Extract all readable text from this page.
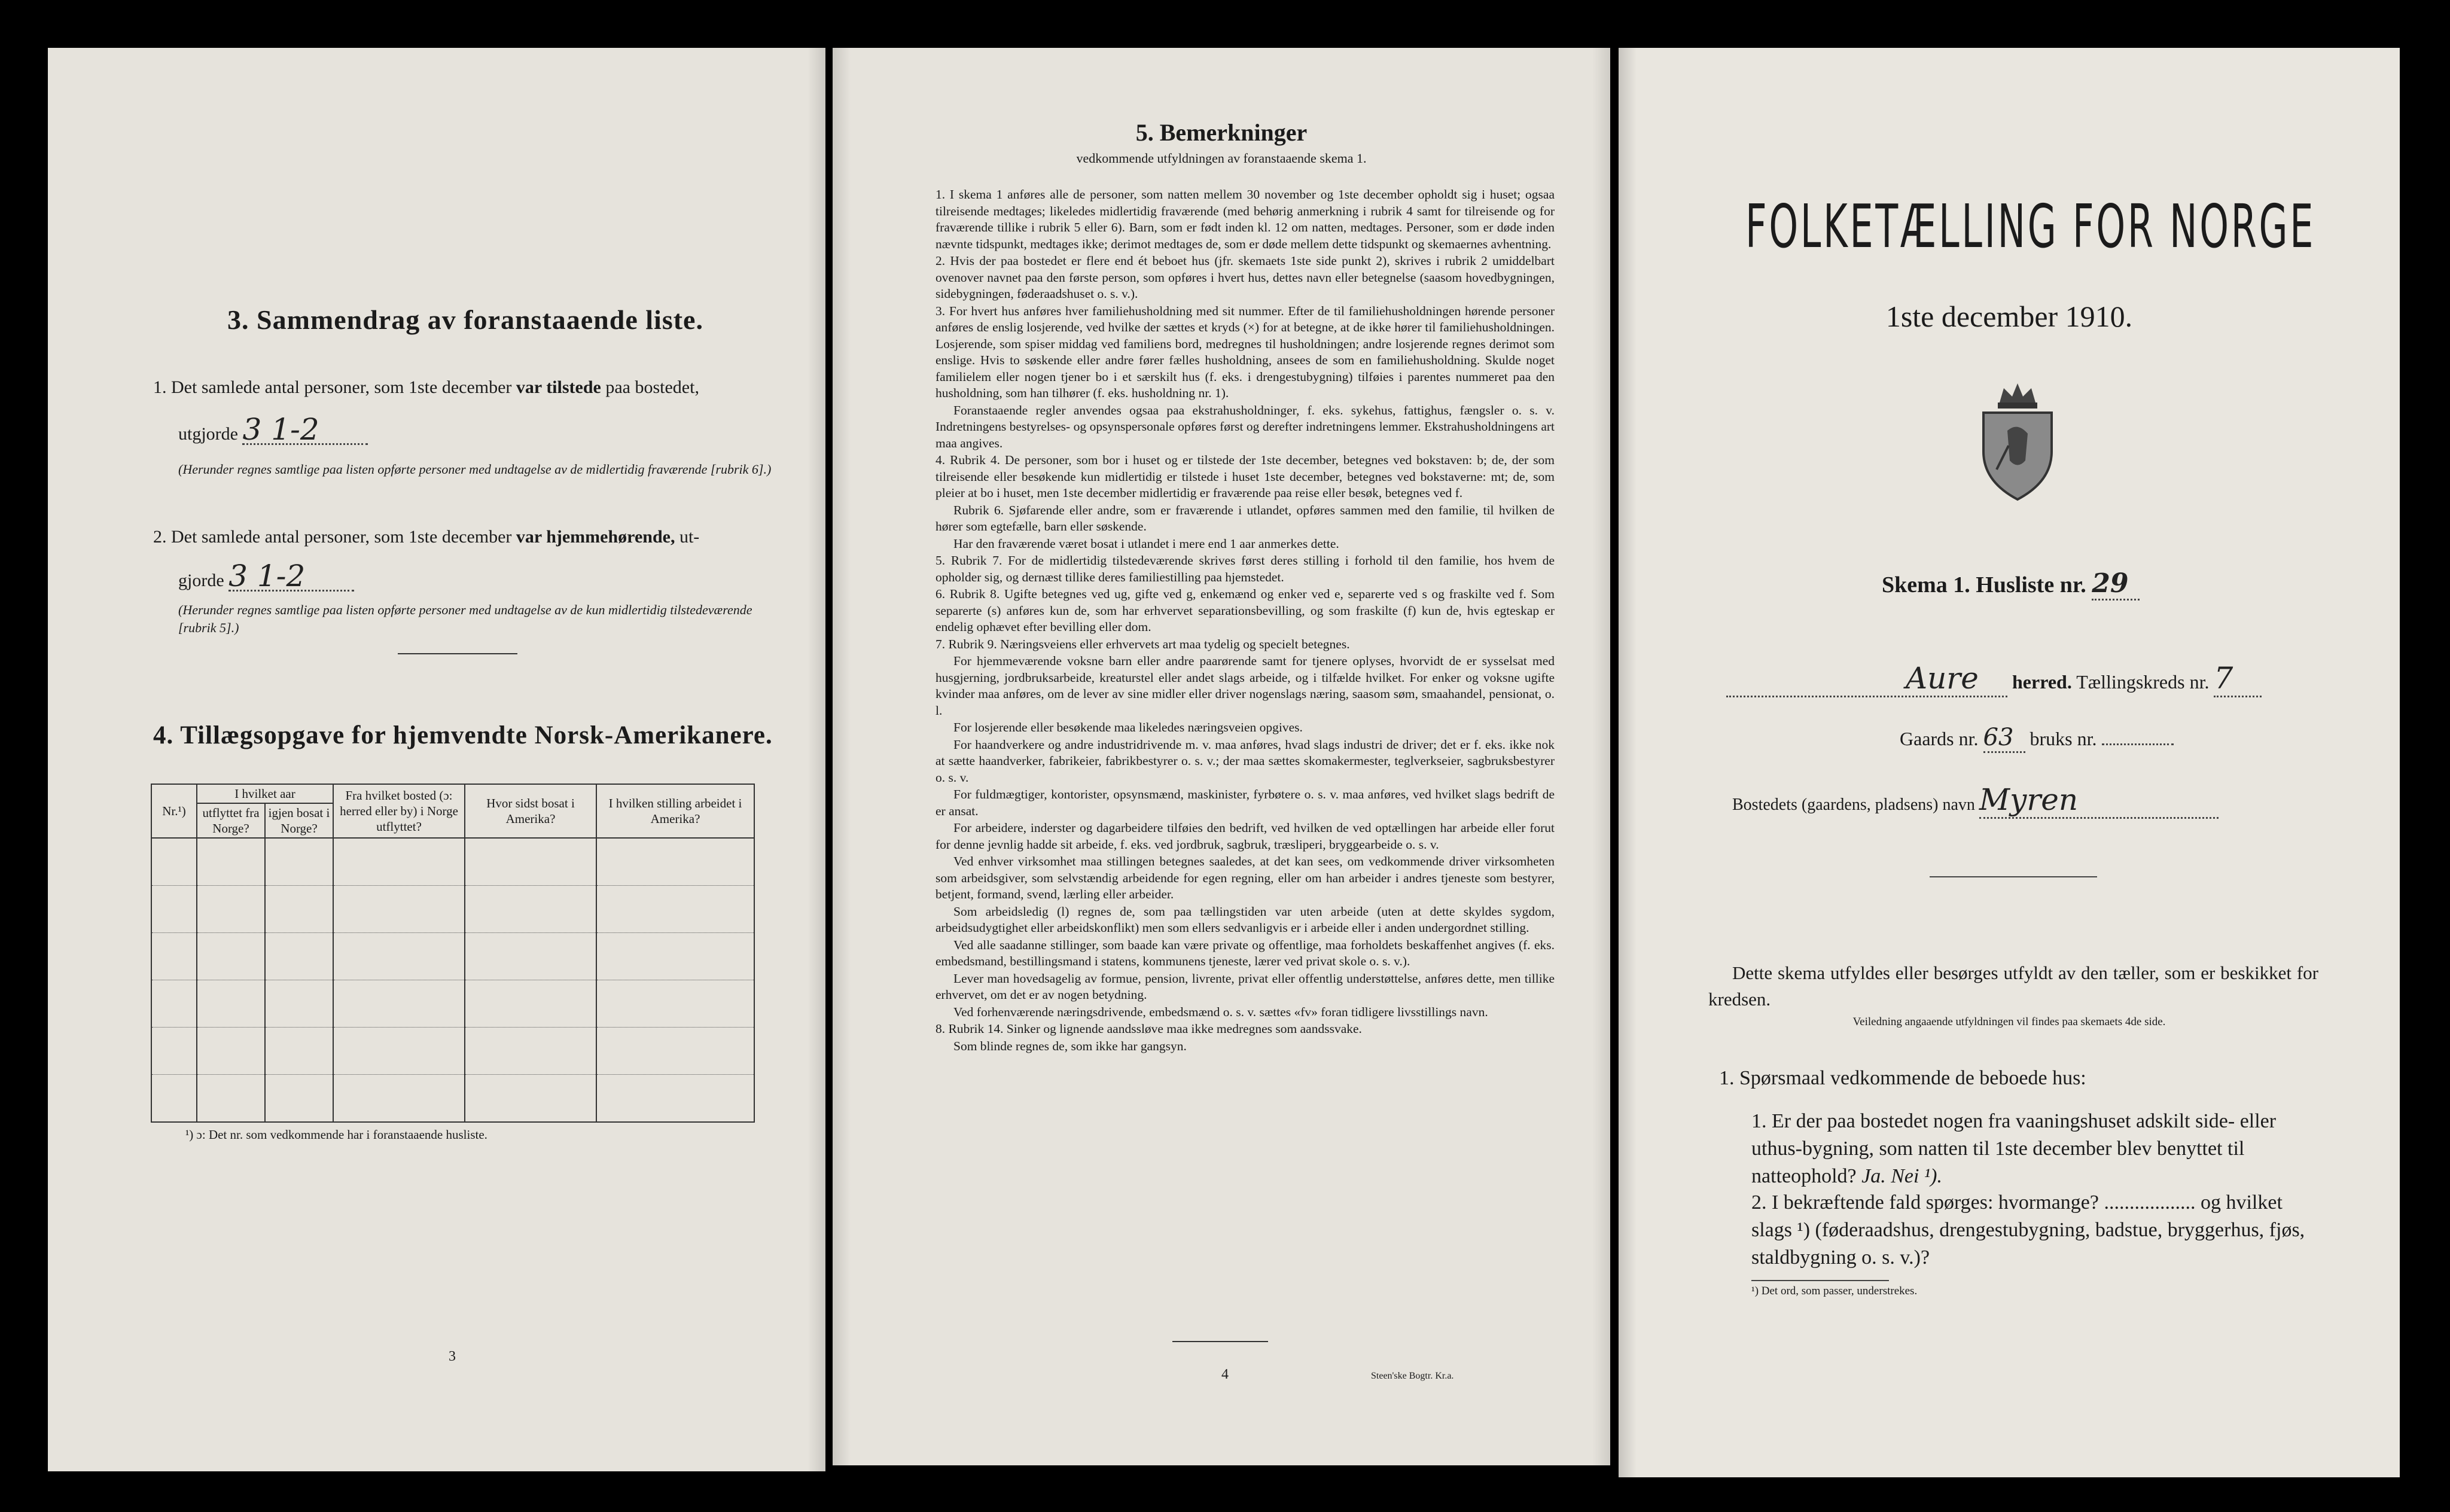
3. Sammendrag av foranstaaende liste.
1. Det samlede antal personer, som 1ste december var tilstede paa bostedet,
utgjorde 3 1-2
(Herunder regnes samtlige paa listen opførte personer med undtagelse av de midlertidig fraværende [rubrik 6].)
2. Det samlede antal personer, som 1ste december var hjemmehørende, ut-
gjorde 3 1-2
(Herunder regnes samtlige paa listen opførte personer med undtagelse av de kun midlertidig tilstedeværende [rubrik 5].)
4. Tillægsopgave for hjemvendte Norsk-Amerikanere.
Nr.¹)	I hvilket aar		Fra hvilket bosted (ɔ: herred eller by) i Norge utflyttet?	Hvor sidst bosat i Amerika?	I hvilken stilling arbeidet i Amerika?
	utflyttet fra Norge?	igjen bosat i Norge?			

¹) ɔ: Det nr. som vedkommende har i foranstaaende husliste.
3
5. Bemerkninger
vedkommende utfyldningen av foranstaaende skema 1.

1. I skema 1 anføres alle de personer, som natten mellem 30 november og 1ste december opholdt sig i huset; ogsaa tilreisende medtages; likeledes midlertidig fraværende (med behørig anmerkning i rubrik 4 samt for tilreisende og for fraværende tillike i rubrik 5 eller 6). Barn, som er født inden kl. 12 om natten, medtages. Personer, som er døde inden nævnte tidspunkt, medtages ikke; derimot medtages de, som er døde mellem dette tidspunkt og skemaernes avhentning.

2. Hvis der paa bostedet er flere end ét beboet hus (jfr. skemaets 1ste side punkt 2), skrives i rubrik 2 umiddelbart ovenover navnet paa den første person, som opføres i hvert hus, dettes navn eller betegnelse (saasom hovedbygningen, sidebygningen, føderaadshuset o. s. v.).

3. For hvert hus anføres hver familiehusholdning med sit nummer. Efter de til familiehusholdningen hørende personer anføres de enslig losjerende, ved hvilke der sættes et kryds (×) for at betegne, at de ikke hører til familiehusholdningen. Losjerende, som spiser middag ved familiens bord, medregnes til husholdningen; andre losjerende regnes derimot som enslige. Hvis to søskende eller andre fører fælles husholdning, ansees de som en familiehusholdning. Skulde noget familielem eller nogen tjener bo i et særskilt hus (f. eks. i drengestubygning) tilføies i parentes nummeret paa den husholdning, som han tilhører (f. eks. husholdning nr. 1).

Foranstaaende regler anvendes ogsaa paa ekstrahusholdninger, f. eks. sykehus, fattighus, fængsler o. s. v. Indretningens bestyrelses- og opsynspersonale opføres først og derefter indretningens lemmer. Ekstrahusholdningens art maa angives.

4. Rubrik 4. De personer, som bor i huset og er tilstede der 1ste december, betegnes ved bokstaven: b; de, der som tilreisende eller besøkende kun midlertidig er tilstede i huset 1ste december, betegnes ved bokstaverne: mt; de, som pleier at bo i huset, men 1ste december midlertidig er fraværende paa reise eller besøk, betegnes ved f.

Rubrik 6. Sjøfarende eller andre, som er fraværende i utlandet, opføres sammen med den familie, til hvilken de hører som egtefælle, barn eller søskende.

Har den fraværende været bosat i utlandet i mere end 1 aar anmerkes dette.

5. Rubrik 7. For de midlertidig tilstedeværende skrives først deres stilling i forhold til den familie, hos hvem de opholder sig, og dernæst tillike deres familiestilling paa hjemstedet.

6. Rubrik 8. Ugifte betegnes ved ug, gifte ved g, enkemænd og enker ved e, separerte ved s og fraskilte ved f. Som separerte (s) anføres kun de, som har erhvervet separationsbevilling, og som fraskilte (f) kun de, hvis egteskap er endelig ophævet efter bevilling eller dom.

7. Rubrik 9. Næringsveiens eller erhvervets art maa tydelig og specielt betegnes.

For hjemmeværende voksne barn eller andre paarørende samt for tjenere oplyses, hvorvidt de er sysselsat med husgjerning, jordbruksarbeide, kreaturstel eller andet slags arbeide, og i tilfælde hvilket. For enker og voksne ugifte kvinder maa anføres, om de lever av sine midler eller driver nogenslags næring, saasom søm, smaahandel, pensionat, o. l.

For losjerende eller besøkende maa likeledes næringsveien opgives.

For haandverkere og andre industridrivende m. v. maa anføres, hvad slags industri de driver; det er f. eks. ikke nok at sætte haandverker, fabrikeier, fabrikbestyrer o. s. v.; der maa sættes skomakermester, teglverkseier, sagbruksbestyrer o. s. v.

For fuldmægtiger, kontorister, opsynsmænd, maskinister, fyrbøtere o. s. v. maa anføres, ved hvilket slags bedrift de er ansat.

For arbeidere, inderster og dagarbeidere tilføies den bedrift, ved hvilken de ved optællingen har arbeide eller forut for denne jevnlig hadde sit arbeide, f. eks. ved jordbruk, sagbruk, træsliperi, bryggearbeide o. s. v.

Ved enhver virksomhet maa stillingen betegnes saaledes, at det kan sees, om vedkommende driver virksomheten som arbeidsgiver, som selvstændig arbeidende for egen regning, eller om han arbeider i andres tjeneste som bestyrer, betjent, formand, svend, lærling eller arbeider.

Som arbeidsledig (l) regnes de, som paa tællingstiden var uten arbeide (uten at dette skyldes sygdom, arbeidsudygtighet eller arbeidskonflikt) men som ellers sedvanligvis er i arbeide eller i anden undergordnet stilling.

Ved alle saadanne stillinger, som baade kan være private og offentlige, maa forholdets beskaffenhet angives (f. eks. embedsmand, bestillingsmand i statens, kommunens tjeneste, lærer ved privat skole o. s. v.).

Lever man hovedsagelig av formue, pension, livrente, privat eller offentlig understøttelse, anføres dette, men tillike erhvervet, om det er av nogen betydning.

Ved forhenværende næringsdrivende, embedsmænd o. s. v. sættes «fv» foran tidligere livsstillings navn.

8. Rubrik 14. Sinker og lignende aandssløve maa ikke medregnes som aandssvake.

Som blinde regnes de, som ikke har gangsyn.

4	Steen'ske Bogtr. Kr.a.
FOLKETÆLLING FOR NORGE
1ste december 1910.
Skema 1. Husliste nr. 29
Aure herred. Tællingskreds nr. 7
Gaards nr. 63 bruks nr.
Bostedets (gaardens, pladsens) navn Myren
Dette skema utfyldes eller besørges utfyldt av den tæller, som er beskikket for kredsen.
Veiledning angaaende utfyldningen vil findes paa skemaets 4de side.
1. Spørsmaal vedkommende de beboede hus:
1. Er der paa bostedet nogen fra vaaningshuset adskilt side- eller uthus-bygning, som natten til 1ste december blev benyttet til natteophold? Ja. Nei ¹).
2. I bekræftende fald spørges: hvormange? .................. og hvilket slags ¹) (føderaadshus, drengestubygning, badstue, bryggerhus, fjøs, staldbygning o. s. v.)?
¹) Det ord, som passer, understrekes.
